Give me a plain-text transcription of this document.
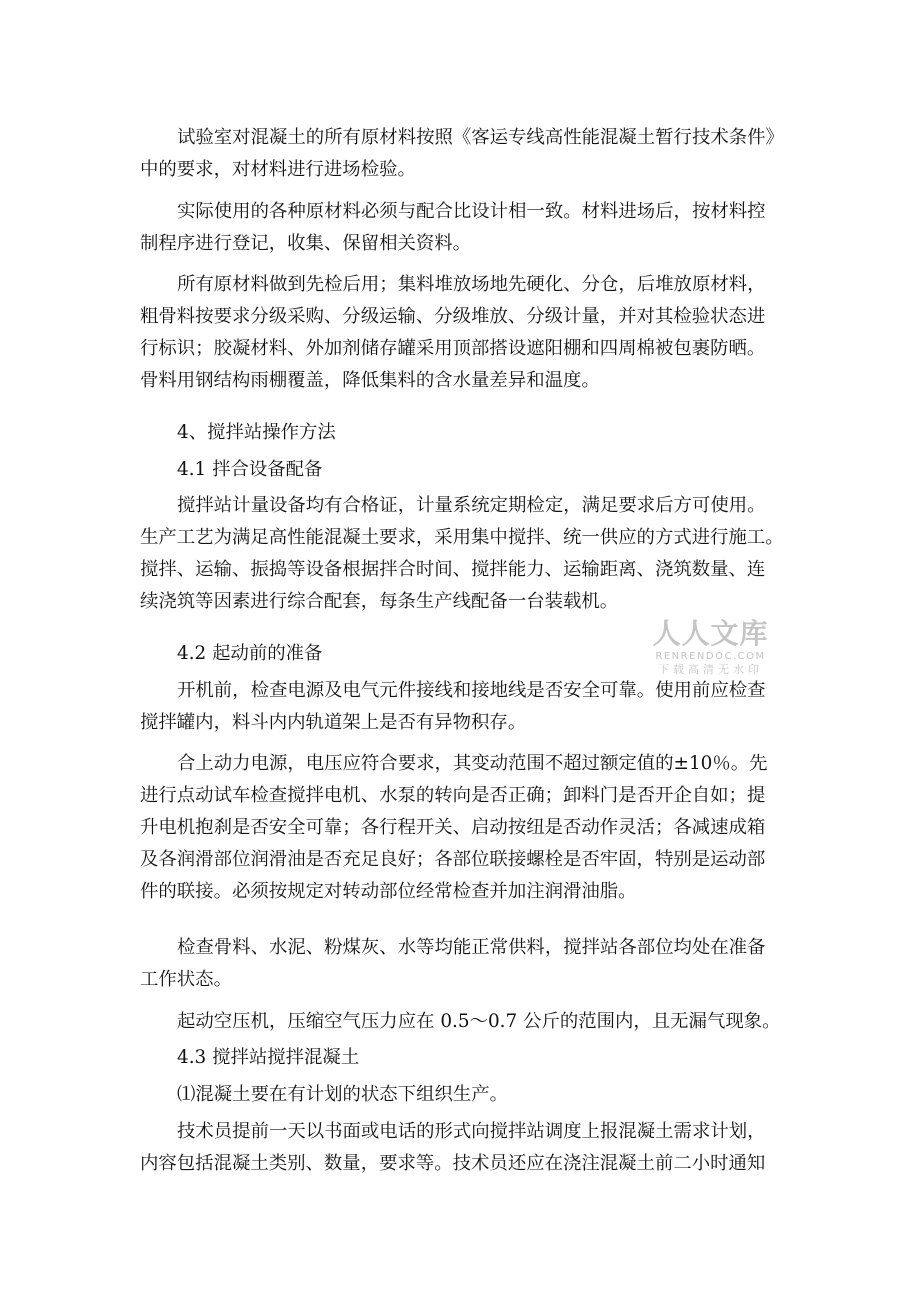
试验室对混凝土的所有原材料按照《客运专线高性能混凝土暂行技术条件》
中的要求，对材料进行进场检验。

实际使用的各种原材料必须与配合比设计相一致。材料进场后，按材料控
制程序进行登记，收集、保留相关资料。

所有原材料做到先检后用；集料堆放场地先硬化、分仓，后堆放原材料，
粗骨料按要求分级采购、分级运输、分级堆放、分级计量，并对其检验状态进
行标识；胶凝材料、外加剂储存罐采用顶部搭设遮阳棚和四周棉被包裹防晒。
骨料用钢结构雨棚覆盖，降低集料的含水量差异和温度。

4、搅拌站操作方法

4.1 拌合设备配备

搅拌站计量设备均有合格证，计量系统定期检定，满足要求后方可使用。
生产工艺为满足高性能混凝土要求，采用集中搅拌、统一供应的方式进行施工。
搅拌、运输、振捣等设备根据拌合时间、搅拌能力、运输距离、浇筑数量、连
续浇筑等因素进行综合配套，每条生产线配备一台装载机。

4.2 起动前的准备

开机前，检查电源及电气元件接线和接地线是否安全可靠。使用前应检查
搅拌罐内，料斗内内轨道架上是否有异物积存。

合上动力电源，电压应符合要求，其变动范围不超过额定值的±10％。先
进行点动试车检查搅拌电机、水泵的转向是否正确；卸料门是否开企自如；提
升电机抱刹是否安全可靠；各行程开关、启动按纽是否动作灵活；各减速成箱
及各润滑部位润滑油是否充足良好；各部位联接螺栓是否牢固，特别是运动部
件的联接。必须按规定对转动部位经常检查并加注润滑油脂。

检查骨料、水泥、粉煤灰、水等均能正常供料，搅拌站各部位均处在准备
工作状态。

起动空压机，压缩空气压力应在 0.5～0.7 公斤的范围内，且无漏气现象。

4.3 搅拌站搅拌混凝土

⑴混凝土要在有计划的状态下组织生产。

技术员提前一天以书面或电话的形式向搅拌站调度上报混凝土需求计划，
内容包括混凝土类别、数量，要求等。技术员还应在浇注混凝土前二小时通知

人人文库
RENRENDOC.COM
下载高清无水印
